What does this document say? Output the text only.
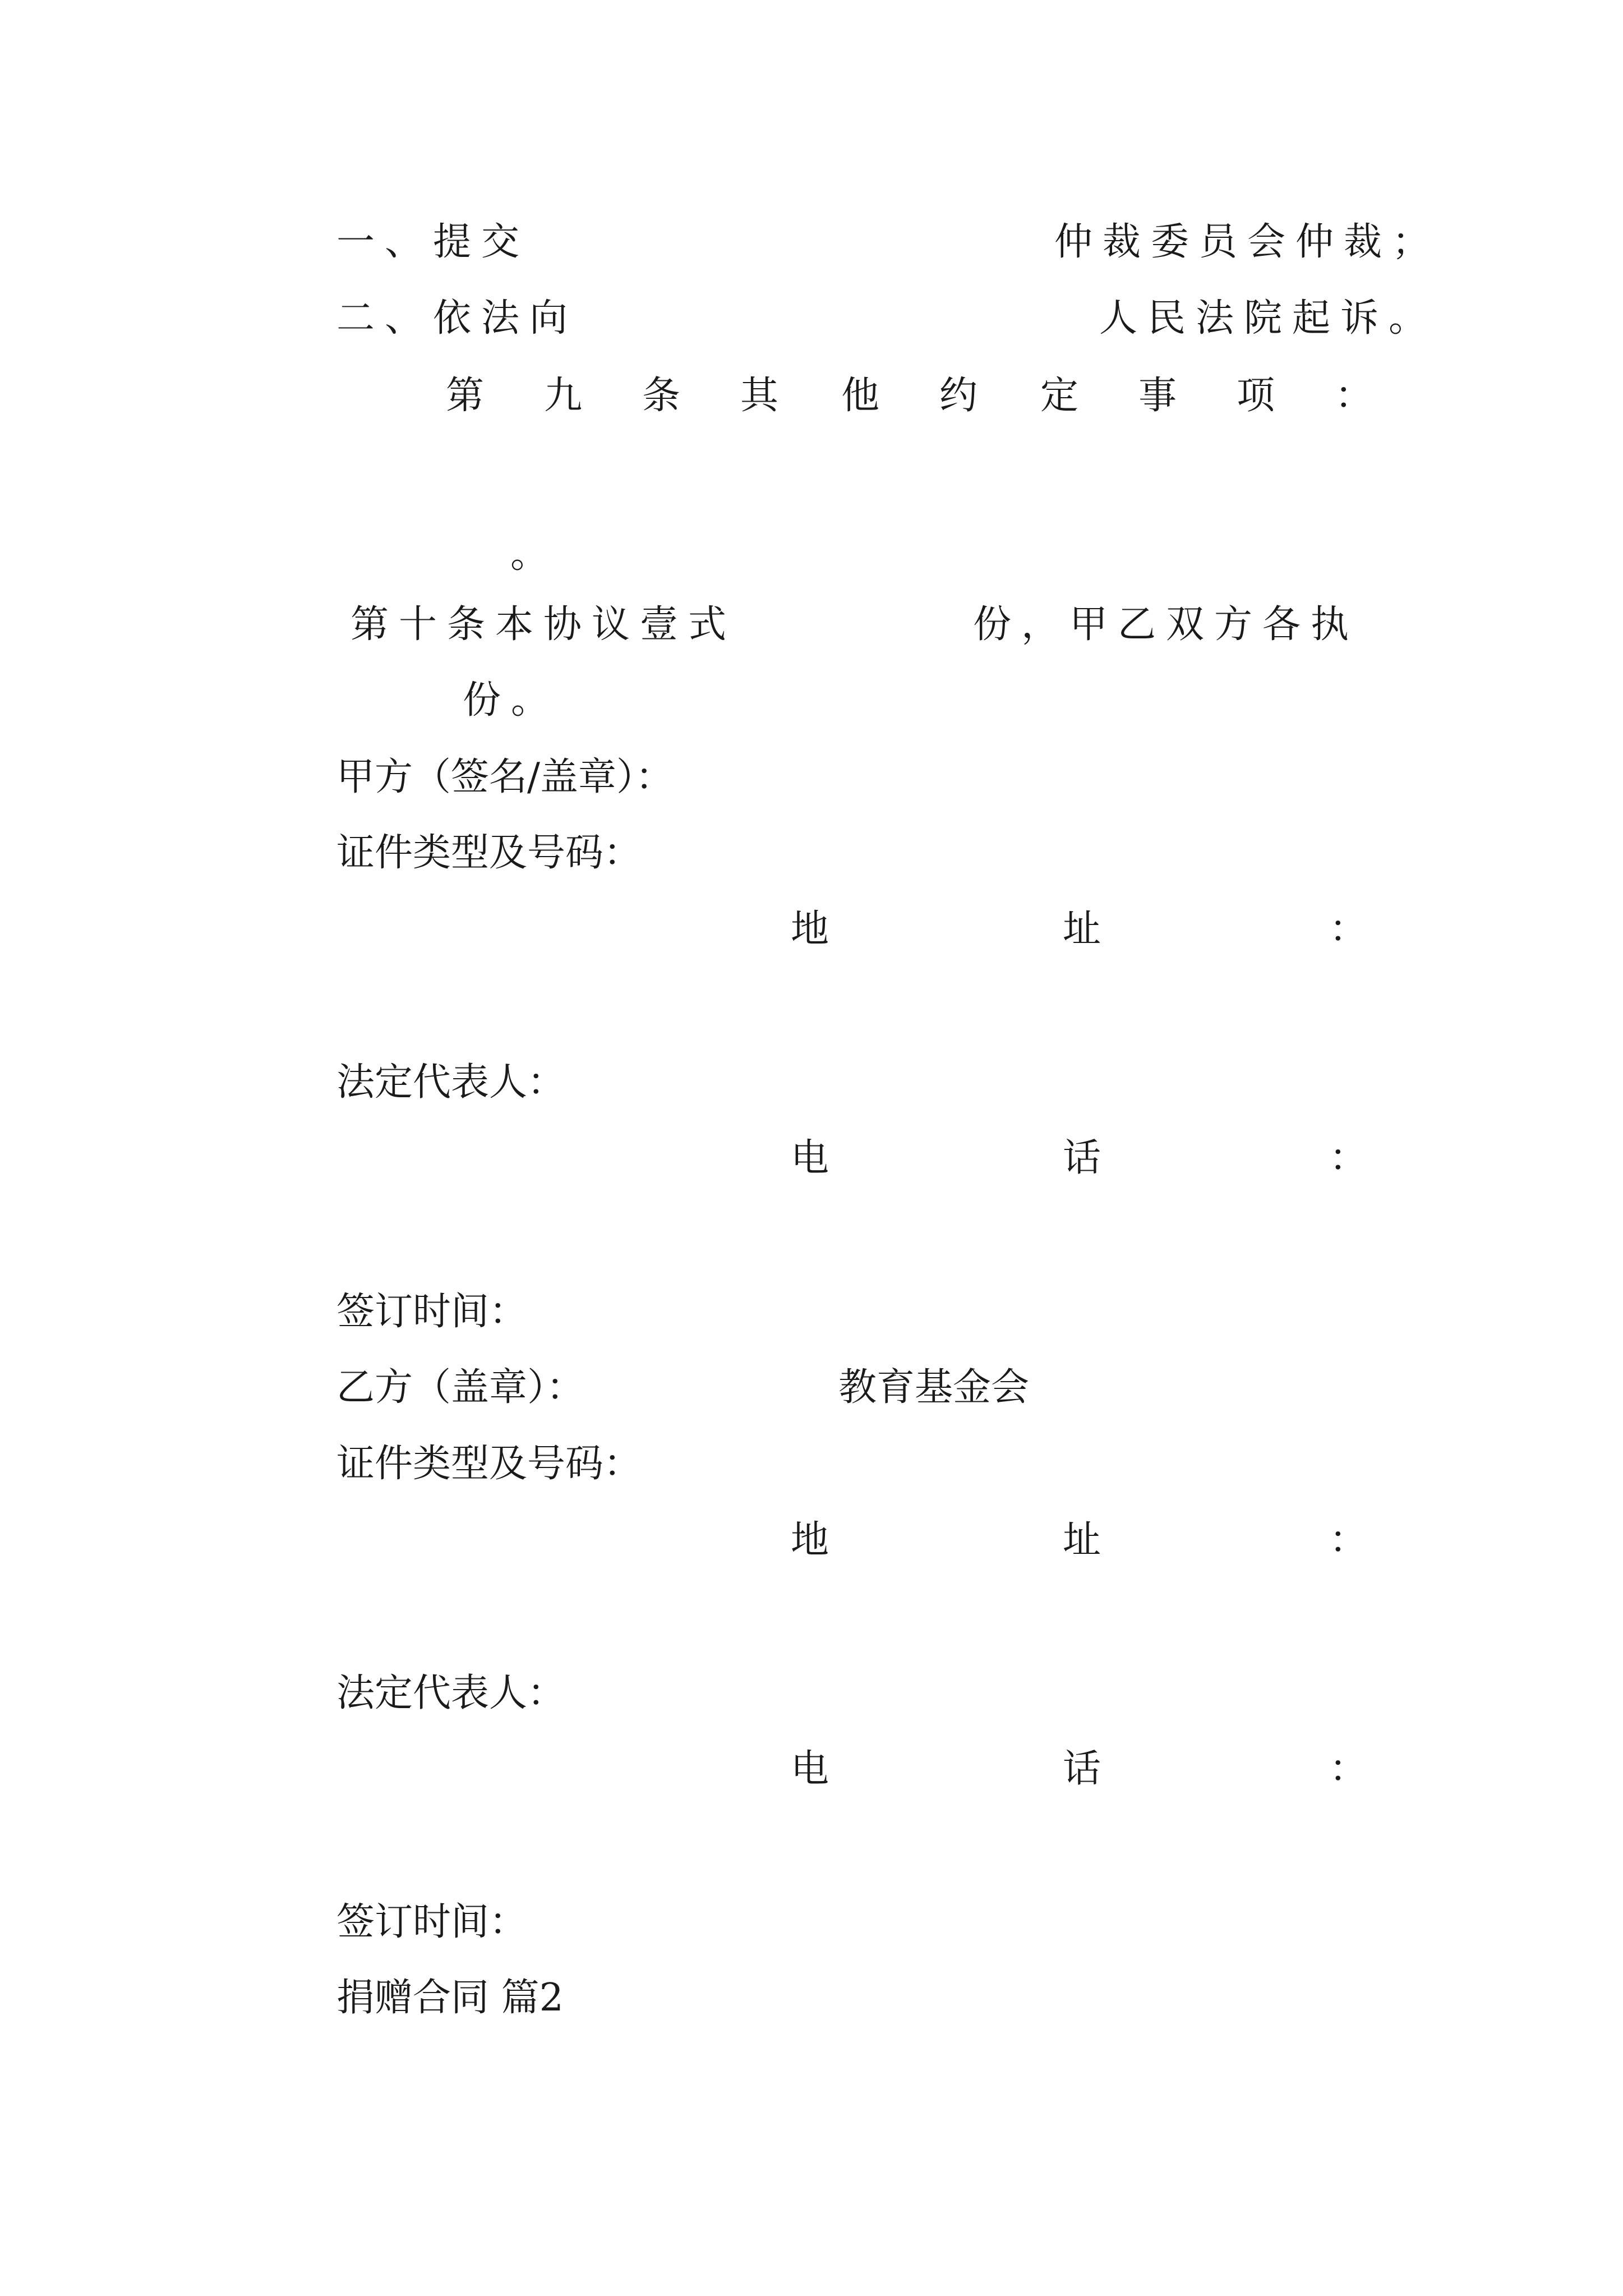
一、提交	仲裁委员会仲裁；
二、依法向	人民法院起诉。
第 九 条 其 他 约 定 事 项 ：
。
第十条本协议壹式	份，甲乙双方各执
份。
甲方（签名/盖章）：
证件类型及号码：
地	址	：
法定代表人：
电	话	：
签订时间：
乙方（盖章）：	教育基金会
证件类型及号码：
地	址	：
法定代表人：
电	话	：
签订时间：
捐赠合同 篇2
